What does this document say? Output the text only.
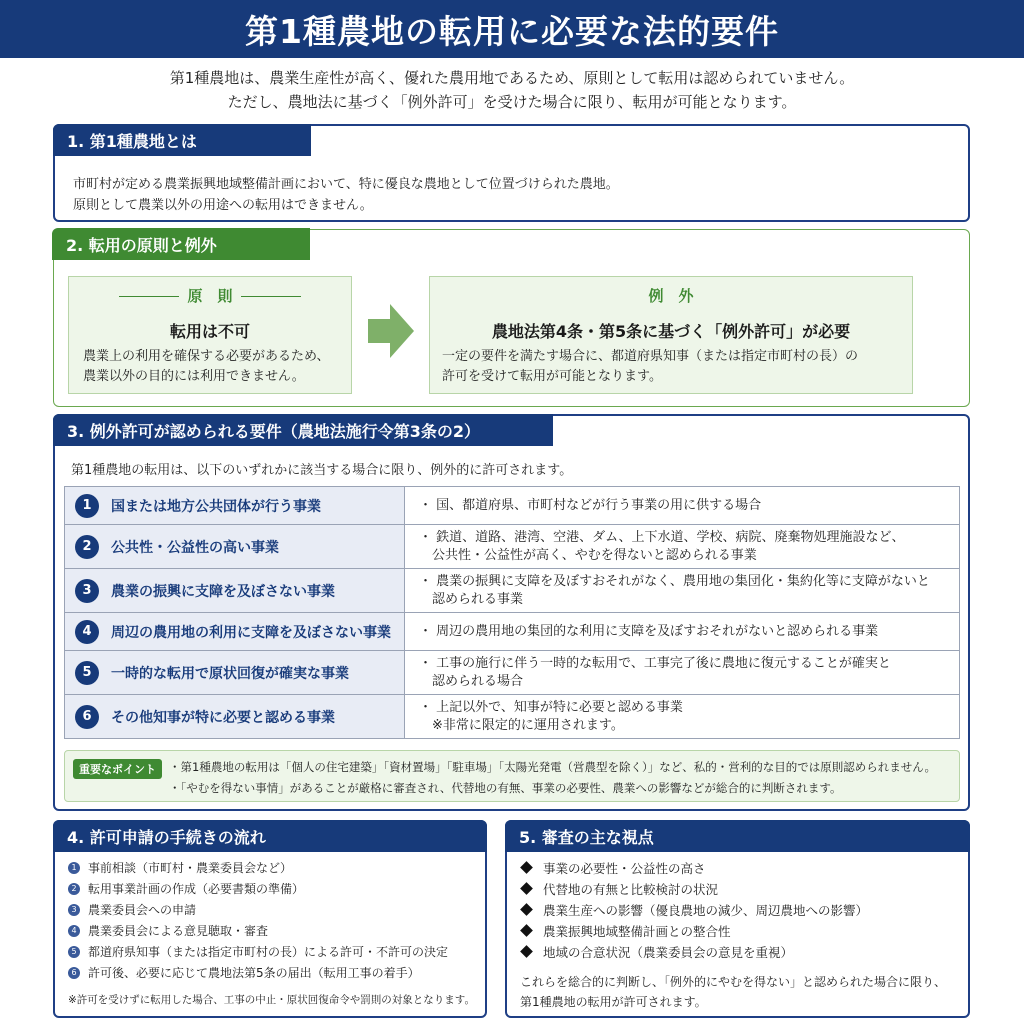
第1種農地の転用に必要な法的要件
第1種農地は、農業生産性が高く、優れた農用地であるため、原則として転用は認められていません。
ただし、農地法に基づく「例外許可」を受けた場合に限り、転用が可能となります。
1. 第1種農地とは
市町村が定める農業振興地域整備計画において、特に優良な農地として位置づけられた農地。
原則として農業以外の用途への転用はできません。
2. 転用の原則と例外
原　則
転用は不可
農業上の利用を確保する必要があるため、
農業以外の目的には利用できません。
例　外
農地法第4条・第5条に基づく「例外許可」が必要
一定の要件を満たす場合に、都道府県知事（または指定市町村の長）の
許可を受けて転用が可能となります。
3. 例外許可が認められる要件（農地法施行令第3条の2）
第1種農地の転用は、以下のいずれかに該当する場合に限り、例外的に許可されます。
1 国または地方公共団体が行う事業	・ 国、都道府県、市町村などが行う事業の用に供する場合

2 公共性・公益性の高い事業	・ 鉄道、道路、港湾、空港、ダム、上下水道、学校、病院、廃棄物処理施設など、
　公共性・公益性が高く、やむを得ないと認められる事業

3 農業の振興に支障を及ぼさない事業	・ 農業の振興に支障を及ぼすおそれがなく、農用地の集団化・集約化等に支障がないと
　認められる事業

4 周辺の農用地の利用に支障を及ぼさない事業	・ 周辺の農用地の集団的な利用に支障を及ぼすおそれがないと認められる事業

5 一時的な転用で原状回復が確実な事業	・ 工事の施行に伴う一時的な転用で、工事完了後に農地に復元することが確実と
　認められる場合

6 その他知事が特に必要と認める事業	・ 上記以外で、知事が特に必要と認める事業
　※非常に限定的に運用されます。
重要なポイント	・第1種農地の転用は「個人の住宅建築」「資材置場」「駐車場」「太陽光発電（営農型を除く）」など、私的・営利的な目的では原則認められません。
・「やむを得ない事情」があることが厳格に審査され、代替地の有無、事業の必要性、農業への影響などが総合的に判断されます。
4. 許可申請の手続きの流れ
1 事前相談（市町村・農業委員会など）
2 転用事業計画の作成（必要書類の準備）
3 農業委員会への申請
4 農業委員会による意見聴取・審査
5 都道府県知事（または指定市町村の長）による許可・不許可の決定
6 許可後、必要に応じて農地法第5条の届出（転用工事の着手）
※許可を受けずに転用した場合、工事の中止・原状回復命令や罰則の対象となります。
5. 審査の主な視点
事業の必要性・公益性の高さ
代替地の有無と比較検討の状況
農業生産への影響（優良農地の減少、周辺農地への影響）
農業振興地域整備計画との整合性
地域の合意状況（農業委員会の意見を重視）
これらを総合的に判断し、「例外的にやむを得ない」と認められた場合に限り、
第1種農地の転用が許可されます。
